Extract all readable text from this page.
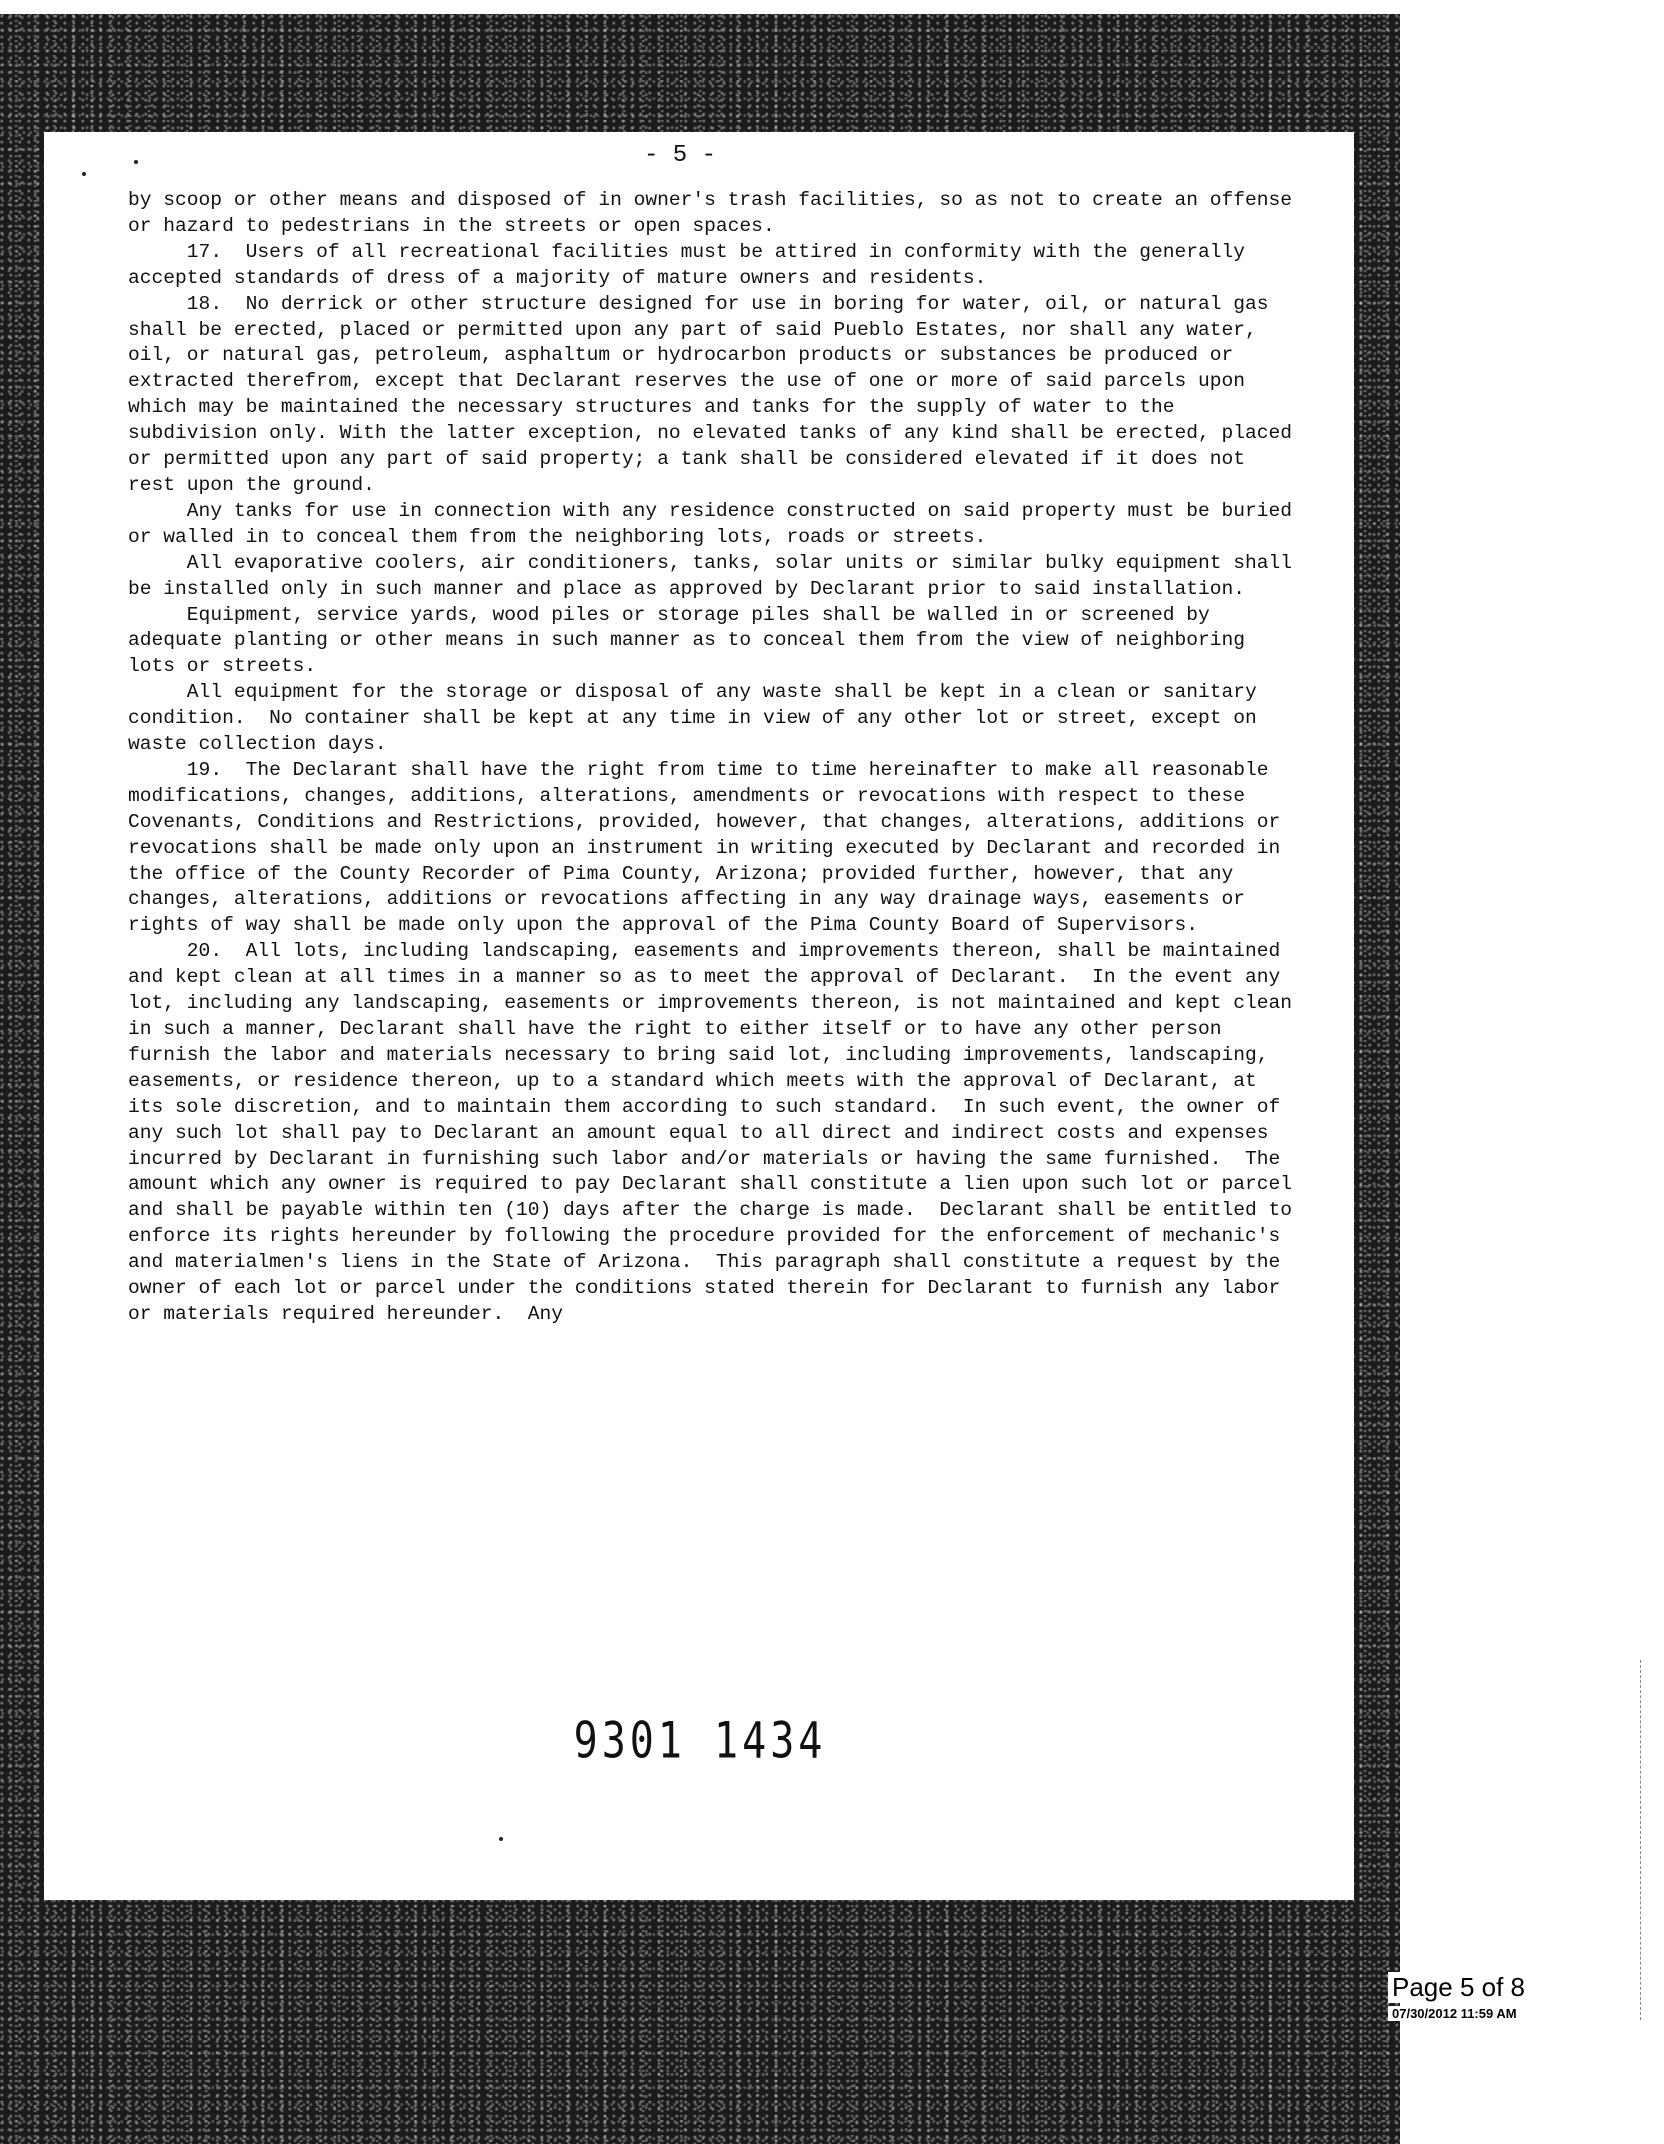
- 5 -

by scoop or other means and disposed of in owner's trash facilities, so as not to create an offense or hazard to pedestrians in the streets or open spaces.

17.  Users of all recreational facilities must be attired in conformity with the generally accepted standards of dress of a majority of mature owners and residents.

18.  No derrick or other structure designed for use in boring for water, oil, or natural gas shall be erected, placed or permitted upon any part of said Pueblo Estates, nor shall any water, oil, or natural gas, petroleum, asphaltum or hydrocarbon products or substances be produced or extracted therefrom, except that Declarant reserves the use of one or more of said parcels upon which may be maintained the necessary structures and tanks for the supply of water to the subdivision only. With the latter exception, no elevated tanks of any kind shall be erected, placed or permitted upon any part of said property; a tank shall be considered elevated if it does not rest upon the ground.

Any tanks for use in connection with any residence constructed on said property must be buried or walled in to conceal them from the neighboring lots, roads or streets.

All evaporative coolers, air conditioners, tanks, solar units or similar bulky equipment shall be installed only in such manner and place as approved by Declarant prior to said installation.

Equipment, service yards, wood piles or storage piles shall be walled in or screened by adequate planting or other means in such manner as to conceal them from the view of neighboring lots or streets.

All equipment for the storage or disposal of any waste shall be kept in a clean or sanitary condition.  No container shall be kept at any time in view of any other lot or street, except on waste collection days.

19.  The Declarant shall have the right from time to time hereinafter to make all reasonable modifications, changes, additions, alterations, amendments or revocations with respect to these Covenants, Conditions and Restrictions, provided, however, that changes, alterations, additions or revocations shall be made only upon an instrument in writing executed by Declarant and recorded in the office of the County Recorder of Pima County, Arizona; provided further, however, that any changes, alterations, additions or revocations affecting in any way drainage ways, easements or rights of way shall be made only upon the approval of the Pima County Board of Supervisors.

20.  All lots, including landscaping, easements and improvements thereon, shall be maintained and kept clean at all times in a manner so as to meet the approval of Declarant.  In the event any lot, including any landscaping, easements or improvements thereon, is not maintained and kept clean in such a manner, Declarant shall have the right to either itself or to have any other person furnish the labor and materials necessary to bring said lot, including improvements, landscaping, easements, or residence thereon, up to a standard which meets with the approval of Declarant, at its sole discretion, and to maintain them according to such standard.  In such event, the owner of any such lot shall pay to Declarant an amount equal to all direct and indirect costs and expenses incurred by Declarant in furnishing such labor and/or materials or having the same furnished.  The amount which any owner is required to pay Declarant shall constitute a lien upon such lot or parcel and shall be payable within ten (10) days after the charge is made.  Declarant shall be entitled to enforce its rights hereunder by following the procedure provided for the enforcement of mechanic's and materialmen's liens in the State of Arizona.  This paragraph shall constitute a request by the owner of each lot or parcel under the conditions stated therein for Declarant to furnish any labor or materials required hereunder.  Any

9301 1434
Page 5 of 8
07/30/2012 11:59 AM
